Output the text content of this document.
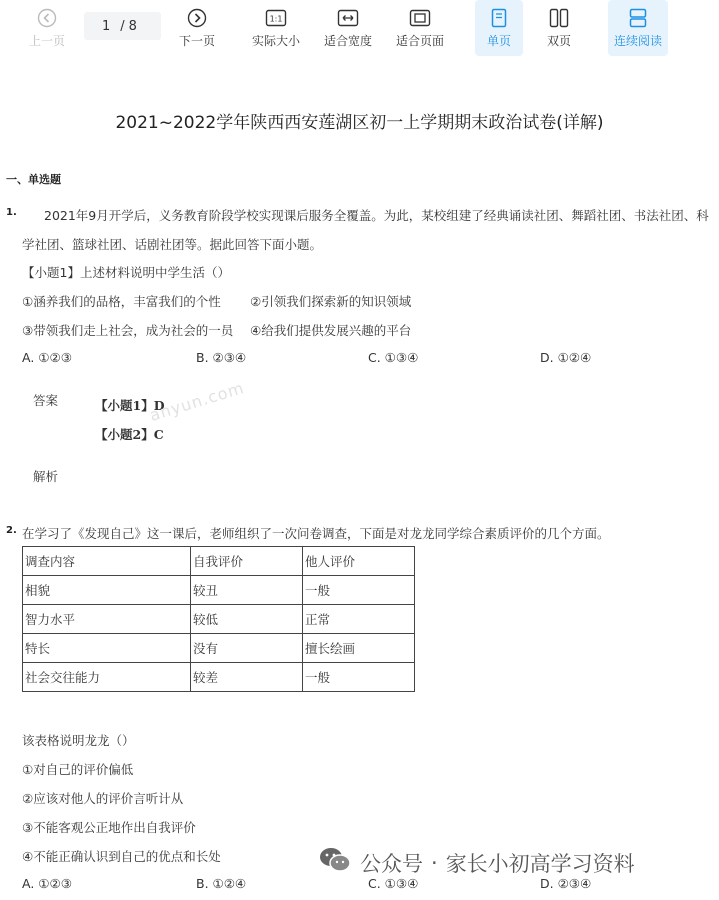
上一页
1 / 8
下一页
1:1
实际大小 适合宽度 适合页面	单页	双页	连续阅读
2021~2022学年陕西西安莲湖区初一上学期期末政治试卷(详解)
一、单选题
1. 2021年9月开学后，义务教育阶段学校实现课后服务全覆盖。为此，某校组建了经典诵读社团、舞蹈社团、书法社团、科
学社团、篮球社团、话剧社团等。据此回答下面小题。
【小题1】上述材料说明中学生活（）
①涵养我们的品格，丰富我们的个性 ②引领我们探索新的知识领域
③带领我们走上社会，成为社会的一员 ④给我们提供发展兴趣的平台
A. ①②③	B. ②③④	C. ①③④	D. ①②④
答案	【小题1】D
【小题2】C
anyun.com
解析
2. 在学习了《发现自己》这一课后，老师组织了一次问卷调查，下面是对龙龙同学综合素质评价的几个方面。
调查内容	自我评价	他人评价
相貌	较丑	一般
智力水平	较低	正常
特长	没有	擅长绘画
社会交往能力	较差	一般
该表格说明龙龙（）
①对自己的评价偏低
②应该对他人的评价言听计从
③不能客观公正地作出自我评价
④不能正确认识到自己的优点和长处
A. ①②③	B. ①②④	C. ①③④	D. ②③④
公众号 · 家长小初高学习资料
